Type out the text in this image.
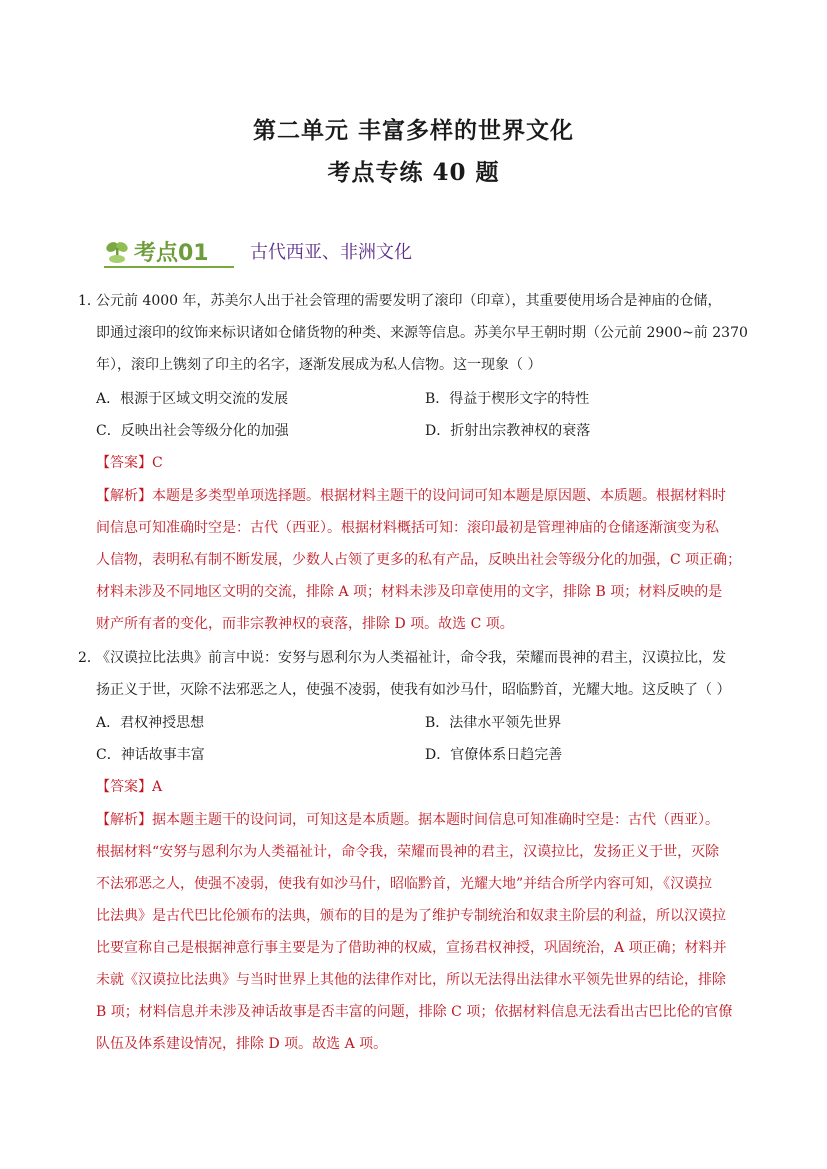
第二单元 丰富多样的世界文化
考点专练 40 题
考点01 古代西亚、非洲文化
1．
公元前 4000 年，苏美尔人出于社会管理的需要发明了滚印（印章），其重要使用场合是神庙的仓储，
即通过滚印的纹饰来标识诸如仓储货物的种类、来源等信息。苏美尔早王朝时期（公元前 2900~前 2370
年），滚印上镌刻了印主的名字，逐渐发展成为私人信物。这一现象（ ）
A．根源于区域文明交流的发展	B．得益于楔形文字的特性
C．反映出社会等级分化的加强	D．折射出宗教神权的衰落
【答案】C
【解析】本题是多类型单项选择题。根据材料主题干的设问词可知本题是原因题、本质题。根据材料时
间信息可知准确时空是：古代（西亚）。根据材料概括可知：滚印最初是管理神庙的仓储逐渐演变为私
人信物，表明私有制不断发展，少数人占领了更多的私有产品，反映出社会等级分化的加强，C 项正确；
材料未涉及不同地区文明的交流，排除 A 项；材料未涉及印章使用的文字，排除 B 项；材料反映的是
财产所有者的变化，而非宗教神权的衰落，排除 D 项。故选 C 项。
2．
《汉谟拉比法典》前言中说：安努与恩利尔为人类福祉计，命令我，荣耀而畏神的君主，汉谟拉比，发
扬正义于世，灭除不法邪恶之人，使强不凌弱，使我有如沙马什，昭临黔首，光耀大地。这反映了（ ）
A．君权神授思想	B．法律水平领先世界
C．神话故事丰富	D．官僚体系日趋完善
【答案】A
【解析】据本题主题干的设问词，可知这是本质题。据本题时间信息可知准确时空是：古代（西亚）。
根据材料“安努与恩利尔为人类福祉计，命令我，荣耀而畏神的君主，汉谟拉比，发扬正义于世，灭除
不法邪恶之人，使强不凌弱，使我有如沙马什，昭临黔首，光耀大地”并结合所学内容可知，《汉谟拉
比法典》是古代巴比伦颁布的法典，颁布的目的是为了维护专制统治和奴隶主阶层的利益，所以汉谟拉
比要宣称自己是根据神意行事主要是为了借助神的权威，宣扬君权神授，巩固统治，A 项正确；材料并
未就《汉谟拉比法典》与当时世界上其他的法律作对比，所以无法得出法律水平领先世界的结论，排除
B 项；材料信息并未涉及神话故事是否丰富的问题，排除 C 项；依据材料信息无法看出古巴比伦的官僚
队伍及体系建设情况，排除 D 项。故选 A 项。
